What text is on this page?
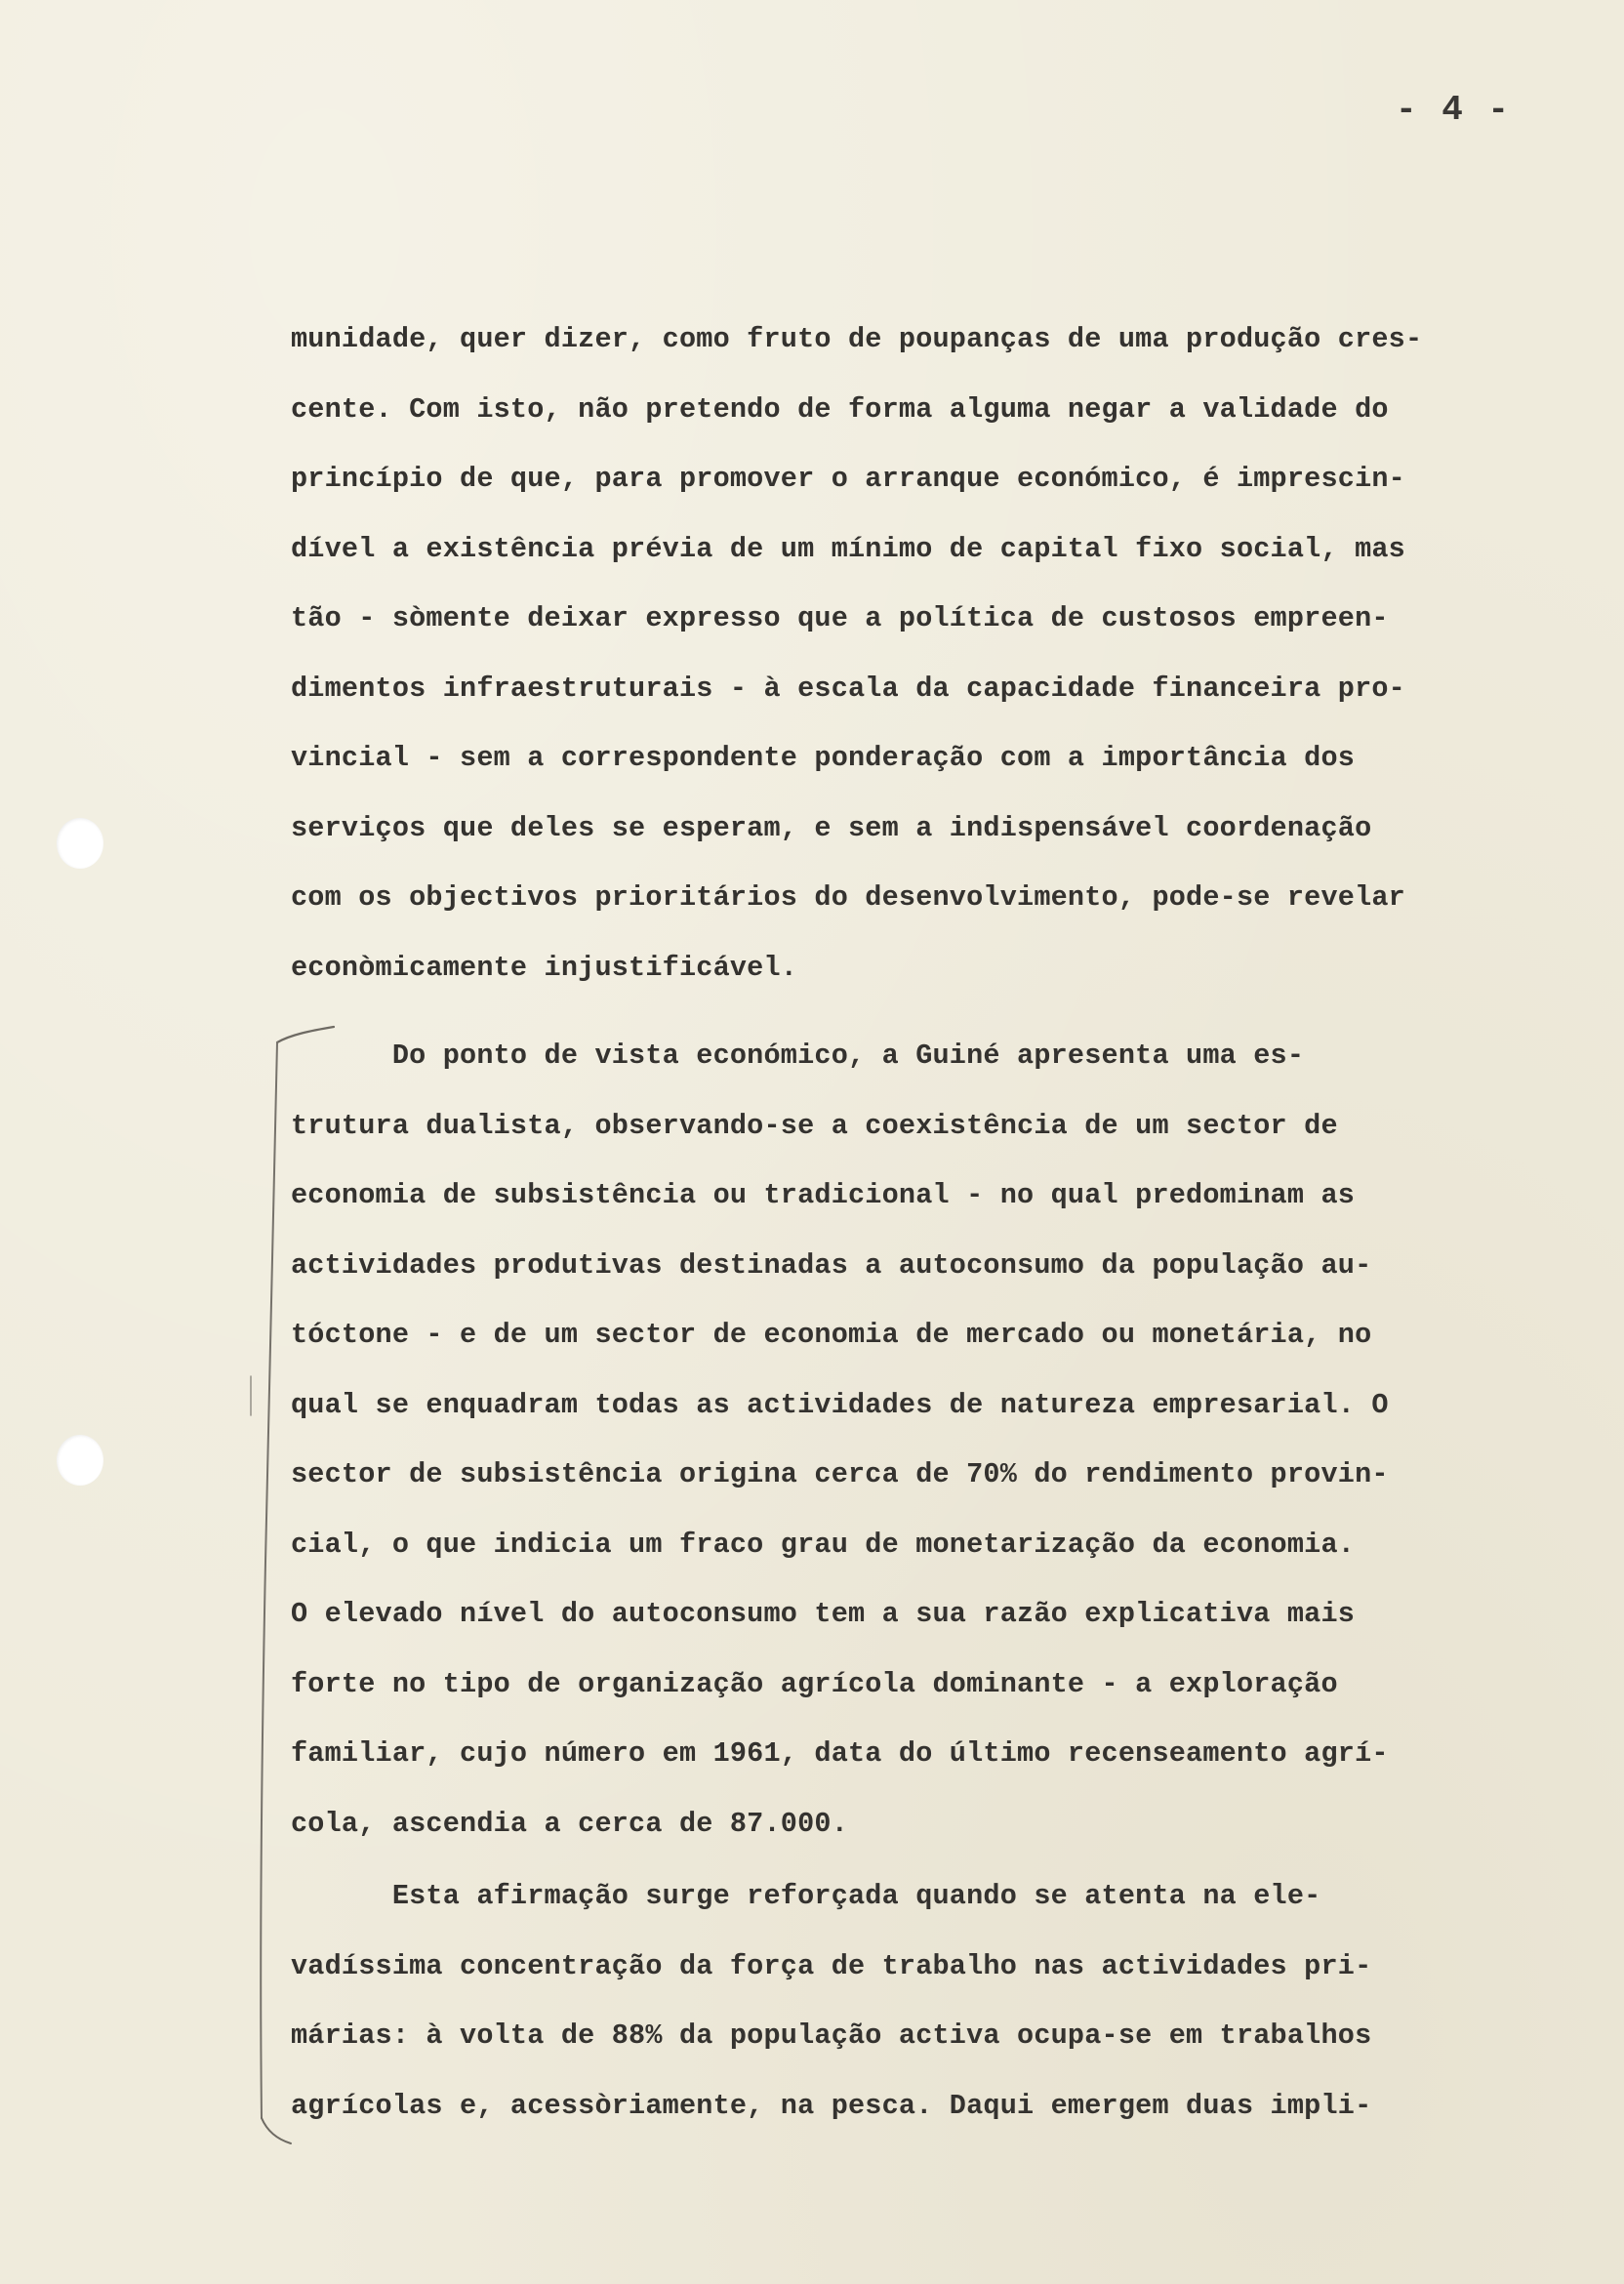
- 4 -
munidade, quer dizer, como fruto de poupanças de uma produção cres-
cente. Com isto, não pretendo de forma alguma negar a validade do
princípio de que, para promover o arranque económico, é imprescin-
dível a existência prévia de um mínimo de capital fixo social, mas
tão - sòmente deixar expresso que a política de custosos empreen-
dimentos infraestruturais - à escala da capacidade financeira pro-
vincial - sem a correspondente ponderação com a importância dos
serviços que deles se esperam, e sem a indispensável coordenação
com os objectivos prioritários do desenvolvimento, pode-se revelar
econòmicamente injustificável.
Do ponto de vista económico, a Guiné apresenta uma es-
trutura dualista, observando-se a coexistência de um sector de
economia de subsistência ou tradicional - no qual predominam as
actividades produtivas destinadas a autoconsumo da população au-
tóctone - e de um sector de economia de mercado ou monetária, no
qual se enquadram todas as actividades de natureza empresarial. O
sector de subsistência origina cerca de 70% do rendimento provin-
cial, o que indicia um fraco grau de monetarização da economia.
O elevado nível do autoconsumo tem a sua razão explicativa mais
forte no tipo de organização agrícola dominante - a exploração
familiar, cujo número em 1961, data do último recenseamento agrí-
cola, ascendia a cerca de 87.000.
Esta afirmação surge reforçada quando se atenta na ele-
vadíssima concentração da força de trabalho nas actividades pri-
márias: à volta de 88% da população activa ocupa-se em trabalhos
agrícolas e, acessòriamente, na pesca. Daqui emergem duas impli-
